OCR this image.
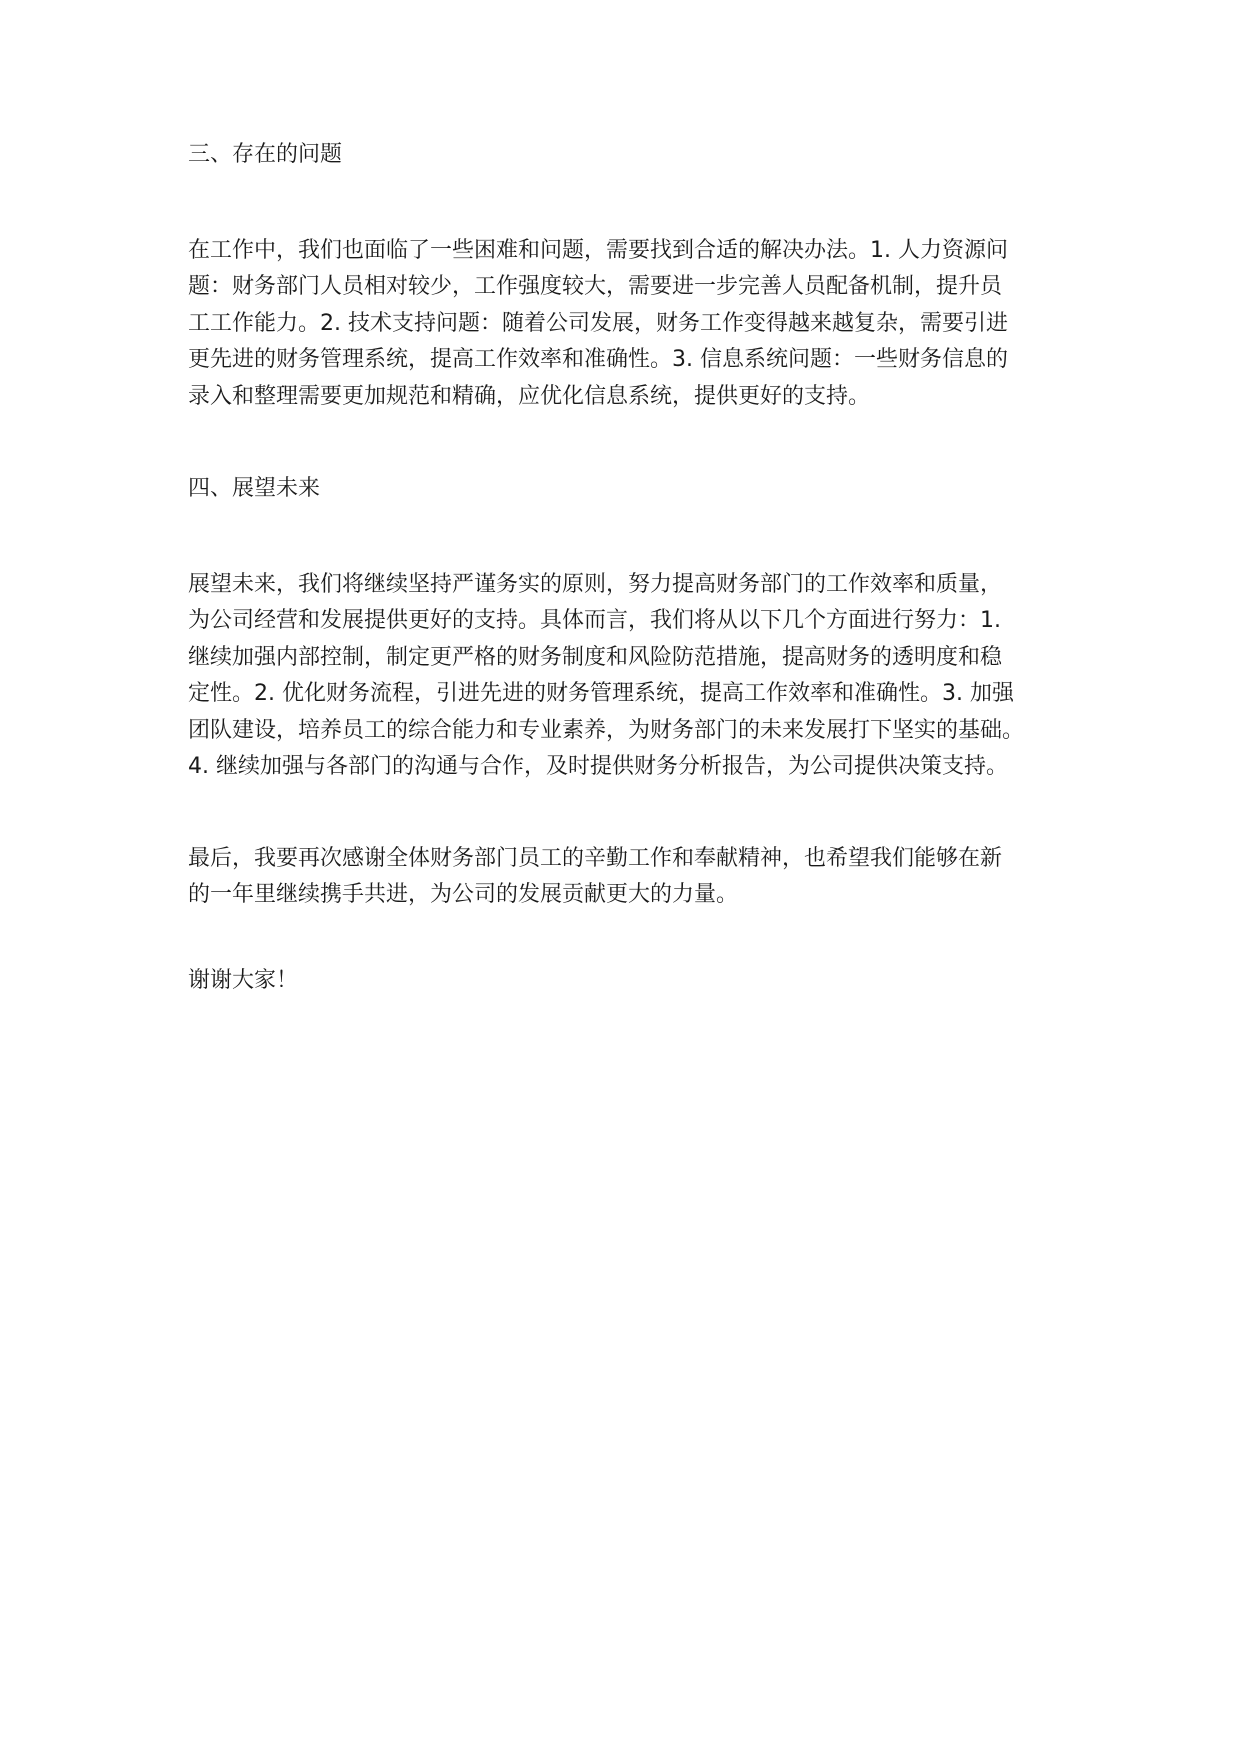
三、存在的问题
在工作中，我们也面临了一些困难和问题，需要找到合适的解决办法。1. 人力资源问
题：财务部门人员相对较少，工作强度较大，需要进一步完善人员配备机制，提升员
工工作能力。2. 技术支持问题：随着公司发展，财务工作变得越来越复杂，需要引进
更先进的财务管理系统，提高工作效率和准确性。3. 信息系统问题：一些财务信息的
录入和整理需要更加规范和精确，应优化信息系统，提供更好的支持。
四、展望未来
展望未来，我们将继续坚持严谨务实的原则，努力提高财务部门的工作效率和质量，
为公司经营和发展提供更好的支持。具体而言，我们将从以下几个方面进行努力：1.
继续加强内部控制，制定更严格的财务制度和风险防范措施，提高财务的透明度和稳
定性。2. 优化财务流程，引进先进的财务管理系统，提高工作效率和准确性。3. 加强
团队建设，培养员工的综合能力和专业素养，为财务部门的未来发展打下坚实的基础。
4. 继续加强与各部门的沟通与合作，及时提供财务分析报告，为公司提供决策支持。
最后，我要再次感谢全体财务部门员工的辛勤工作和奉献精神，也希望我们能够在新
的一年里继续携手共进，为公司的发展贡献更大的力量。
谢谢大家！
